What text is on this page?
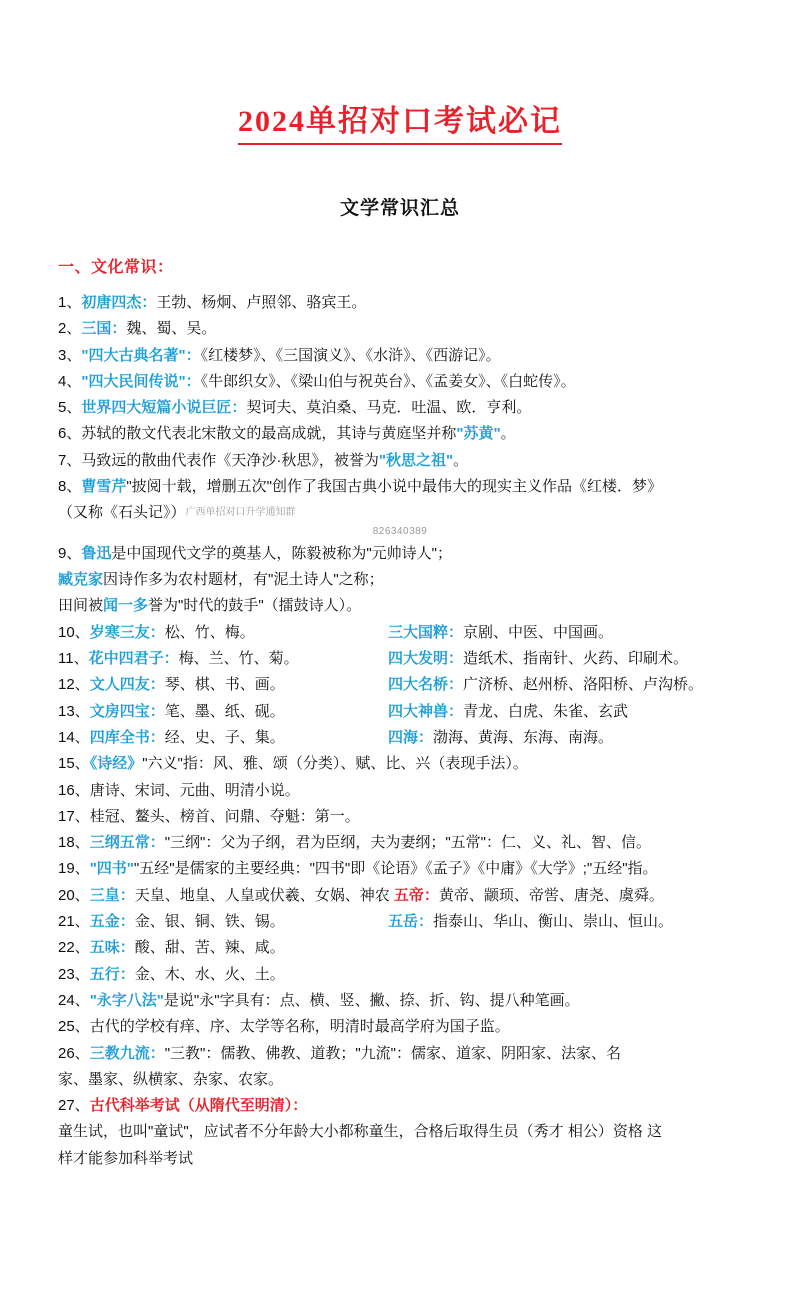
2024单招对口考试必记
文学常识汇总
一、文化常识：
1、初唐四杰：王勃、杨炯、卢照邻、骆宾王。
2、三国：魏、蜀、吴。
3、"四大古典名著"：《红楼梦》、《三国演义》、《水浒》、《西游记》。
4、"四大民间传说"：《牛郎织女》、《梁山伯与祝英台》、《孟姜女》、《白蛇传》。
5、世界四大短篇小说巨匠：契诃夫、莫泊桑、马克．吐温、欧．亨利。
6、苏轼的散文代表北宋散文的最高成就，其诗与黄庭坚并称"苏黄"。
7、马致远的散曲代表作《天净沙·秋思》，被誉为"秋思之祖"。
8、曹雪芹"披阅十载，增删五次"创作了我国古典小说中最伟大的现实主义作品《红楼．梦》
（又称《石头记》）广西单招对口升学通知群
826340389
9、鲁迅是中国现代文学的奠基人，陈毅被称为"元帅诗人"；
臧克家因诗作多为农村题材，有"泥土诗人"之称；
田间被闻一多誉为"时代的鼓手"（擂鼓诗人）。
10、岁寒三友：松、竹、梅。	三大国粹：京剧、中医、中国画。
11、花中四君子：梅、兰、竹、菊。	四大发明：造纸术、指南针、火药、印刷术。
12、文人四友：琴、棋、书、画。	四大名桥：广济桥、赵州桥、洛阳桥、卢沟桥。
13、文房四宝：笔、墨、纸、砚。	四大神兽：青龙、白虎、朱雀、玄武
14、四库全书：经、史、子、集。	四海：渤海、黄海、东海、南海。
15、《诗经》"六义"指：风、雅、颂（分类）、赋、比、兴（表现手法）。
16、唐诗、宋词、元曲、明清小说。
17、桂冠、鳌头、榜首、问鼎、夺魁：第一。
18、三纲五常："三纲"：父为子纲，君为臣纲，夫为妻纲；"五常"：仁、义、礼、智、信。
19、"四书""五经"是儒家的主要经典："四书"即《论语》《孟子》《中庸》《大学》;"五经"指。
20、三皇：天皇、地皇、人皇或伏羲、女娲、神农 五帝：黄帝、颛顼、帝喾、唐尧、虞舜。
21、五金：金、银、铜、铁、锡。	五岳：指泰山、华山、衡山、崇山、恒山。
22、五味：酸、甜、苦、辣、咸。
23、五行：金、木、水、火、土。
24、"永字八法"是说"永"字具有：点、横、竖、撇、捺、折、钩、提八种笔画。
25、古代的学校有痒、序、太学等名称，明清时最高学府为国子监。
26、三教九流："三教"：儒教、佛教、道教；"九流"：儒家、道家、阴阳家、法家、名
家、墨家、纵横家、杂家、农家。
27、古代科举考试（从隋代至明清）：
童生试，也叫"童试"，应试者不分年龄大小都称童生，合格后取得生员（秀才 相公）资格 这
样才能参加科举考试
